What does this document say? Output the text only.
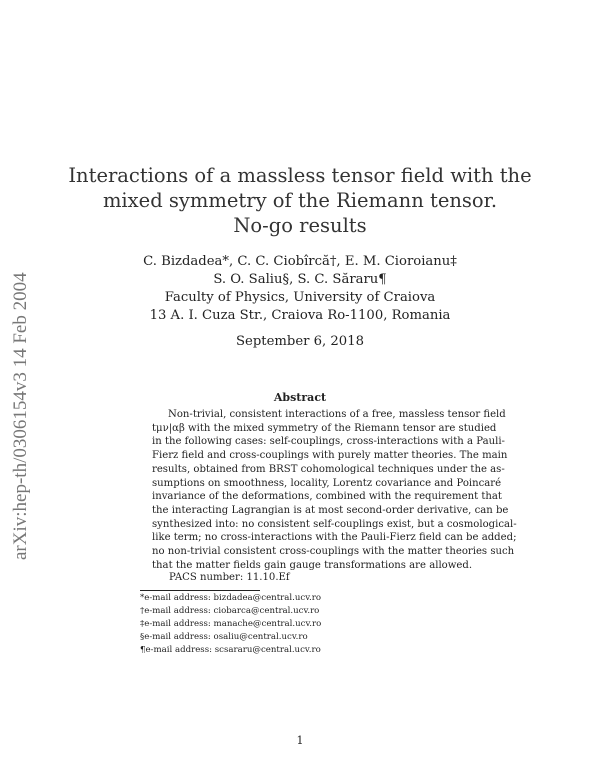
arXiv:hep-th/0306154v3 14 Feb 2004
Interactions of a massless tensor field with the
mixed symmetry of the Riemann tensor.
No-go results
C. Bizdadea*, C. C. Ciobîrcă†, E. M. Cioroianu‡
S. O. Saliu§, S. C. Săraru¶
Faculty of Physics, University of Craiova
13 A. I. Cuza Str., Craiova Ro-1100, Romania
September 6, 2018
Abstract
Non-trivial, consistent interactions of a free, massless tensor field
tμν|αβ with the mixed symmetry of the Riemann tensor are studied
in the following cases: self-couplings, cross-interactions with a Pauli-
Fierz field and cross-couplings with purely matter theories. The main
results, obtained from BRST cohomological techniques under the as-
sumptions on smoothness, locality, Lorentz covariance and Poincaré
invariance of the deformations, combined with the requirement that
the interacting Lagrangian is at most second-order derivative, can be
synthesized into: no consistent self-couplings exist, but a cosmological-
like term; no cross-interactions with the Pauli-Fierz field can be added;
no non-trivial consistent cross-couplings with the matter theories such
that the matter fields gain gauge transformations are allowed.
PACS number: 11.10.Ef
*e-mail address: bizdadea@central.ucv.ro
†e-mail address: ciobarca@central.ucv.ro
‡e-mail address: manache@central.ucv.ro
§e-mail address: osaliu@central.ucv.ro
¶e-mail address: scsararu@central.ucv.ro
1
